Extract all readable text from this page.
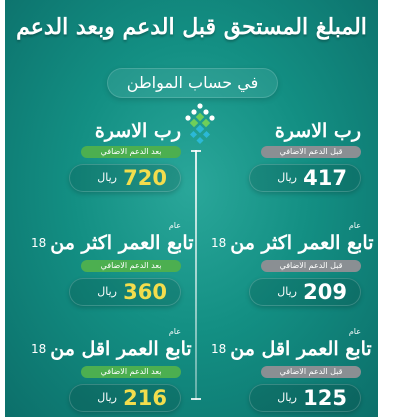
المبلغ المستحق قبل الدعم وبعد الدعم
في حساب المواطن
رب الاسرة
قبل الدعم الاضافي
417
ريال
عام
18 تابع العمر اكثر من
قبل الدعم الاضافي
209
ريال
عام
18 تابع العمر اقل من
قبل الدعم الاضافي
125
ريال
رب الاسرة
بعد الدعم الاضافي
720
ريال
عام
18 تابع العمر اكثر من
بعد الدعم الاضافي
360
ريال
عام
18 تابع العمر اقل من
بعد الدعم الاضافي
216
ريال
